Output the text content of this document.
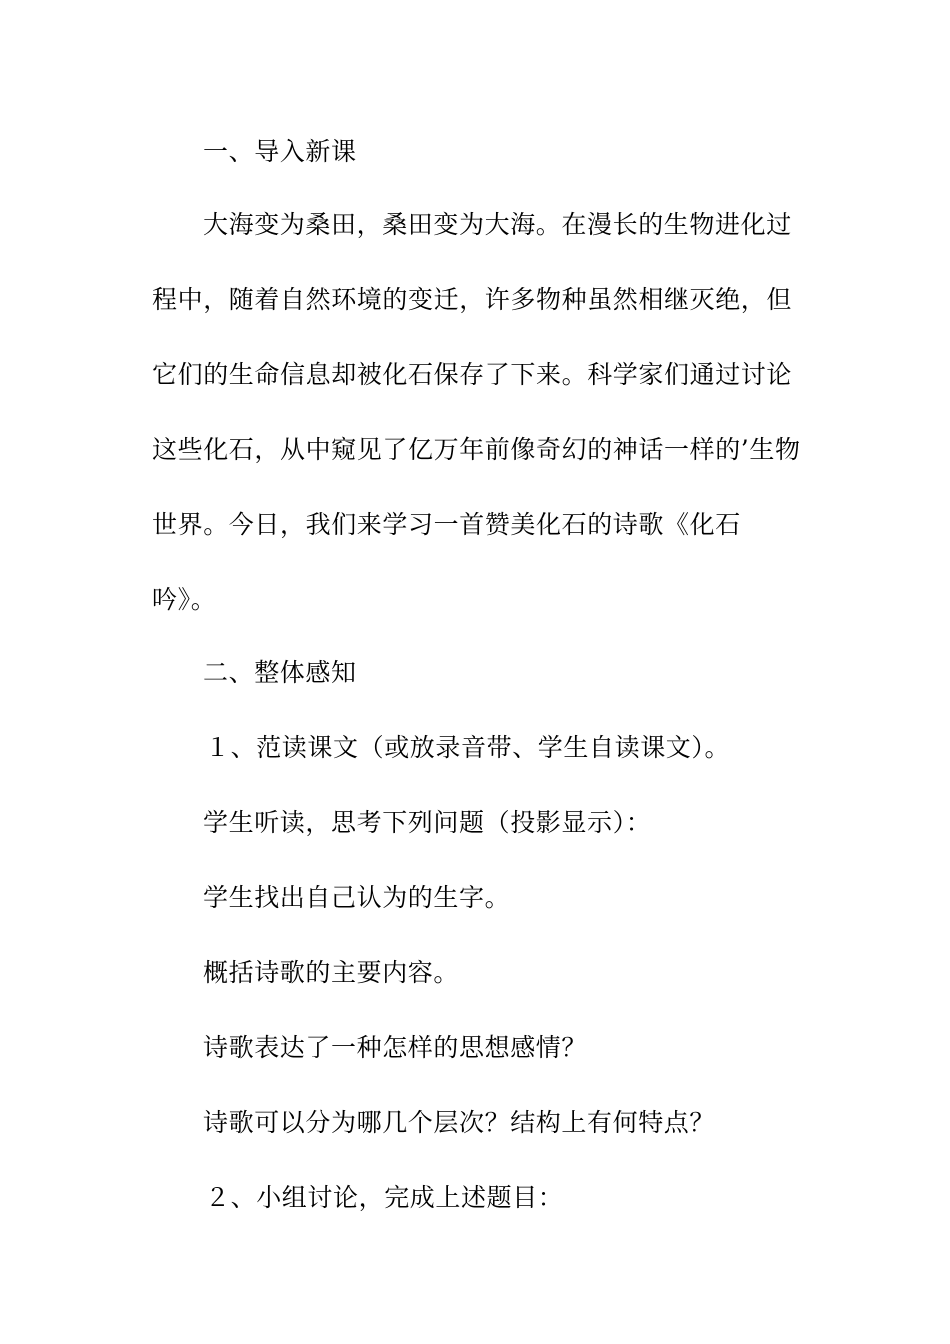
一、导入新课
大海变为桑田，桑田变为大海。在漫长的生物进化过
程中，随着自然环境的变迁，许多物种虽然相继灭绝，但
它们的生命信息却被化石保存了下来。科学家们通过讨论
这些化石，从中窥见了亿万年前像奇幻的神话一样的’生物
世界。今日，我们来学习一首赞美化石的诗歌《化石
吟》。
二、整体感知
１、范读课文（或放录音带、学生自读课文）。
学生听读，思考下列问题（投影显示）：
学生找出自己认为的生字。
概括诗歌的主要内容。
诗歌表达了一种怎样的思想感情？
诗歌可以分为哪几个层次？结构上有何特点？
２、小组讨论，完成上述题目：
